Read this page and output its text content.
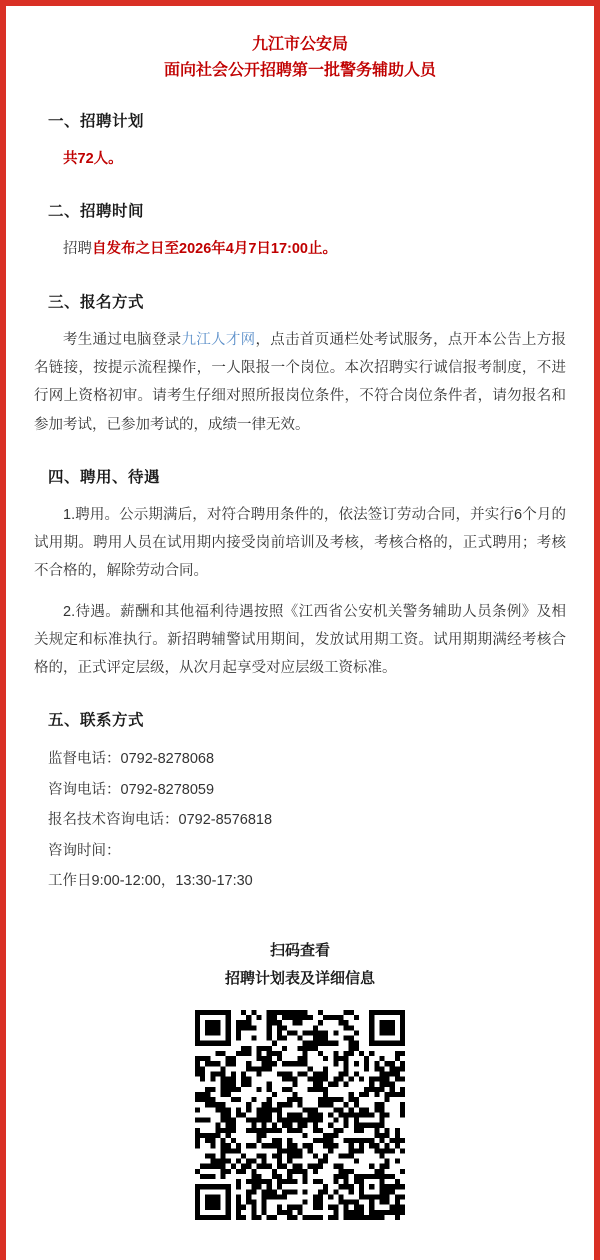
九江市公安局
面向社会公开招聘第一批警务辅助人员
一、招聘计划

共72人。

二、招聘时间

招聘自发布之日至2026年4月7日17:00止。

三、报名方式

考生通过电脑登录九江人才网，点击首页通栏处考试服务，点开本公告上方报名链接，按提示流程操作，一人限报一个岗位。本次招聘实行诚信报考制度，不进行网上资格初审。请考生仔细对照所报岗位条件，不符合岗位条件者，请勿报名和参加考试，已参加考试的，成绩一律无效。

四、聘用、待遇

1.聘用。公示期满后，对符合聘用条件的，依法签订劳动合同，并实行6个月的试用期。聘用人员在试用期内接受岗前培训及考核，考核合格的，正式聘用；考核不合格的，解除劳动合同。

2.待遇。薪酬和其他福利待遇按照《江西省公安机关警务辅助人员条例》及相关规定和标准执行。新招聘辅警试用期间，发放试用期工资。试用期期满经考核合格的，正式评定层级，从次月起享受对应层级工资标准。

五、联系方式

监督电话：0792-8278068

咨询电话：0792-8278059

报名技术咨询电话：0792-8576818

咨询时间：

工作日9:00-12:00，13:30-17:30

扫码查看
招聘计划表及详细信息
